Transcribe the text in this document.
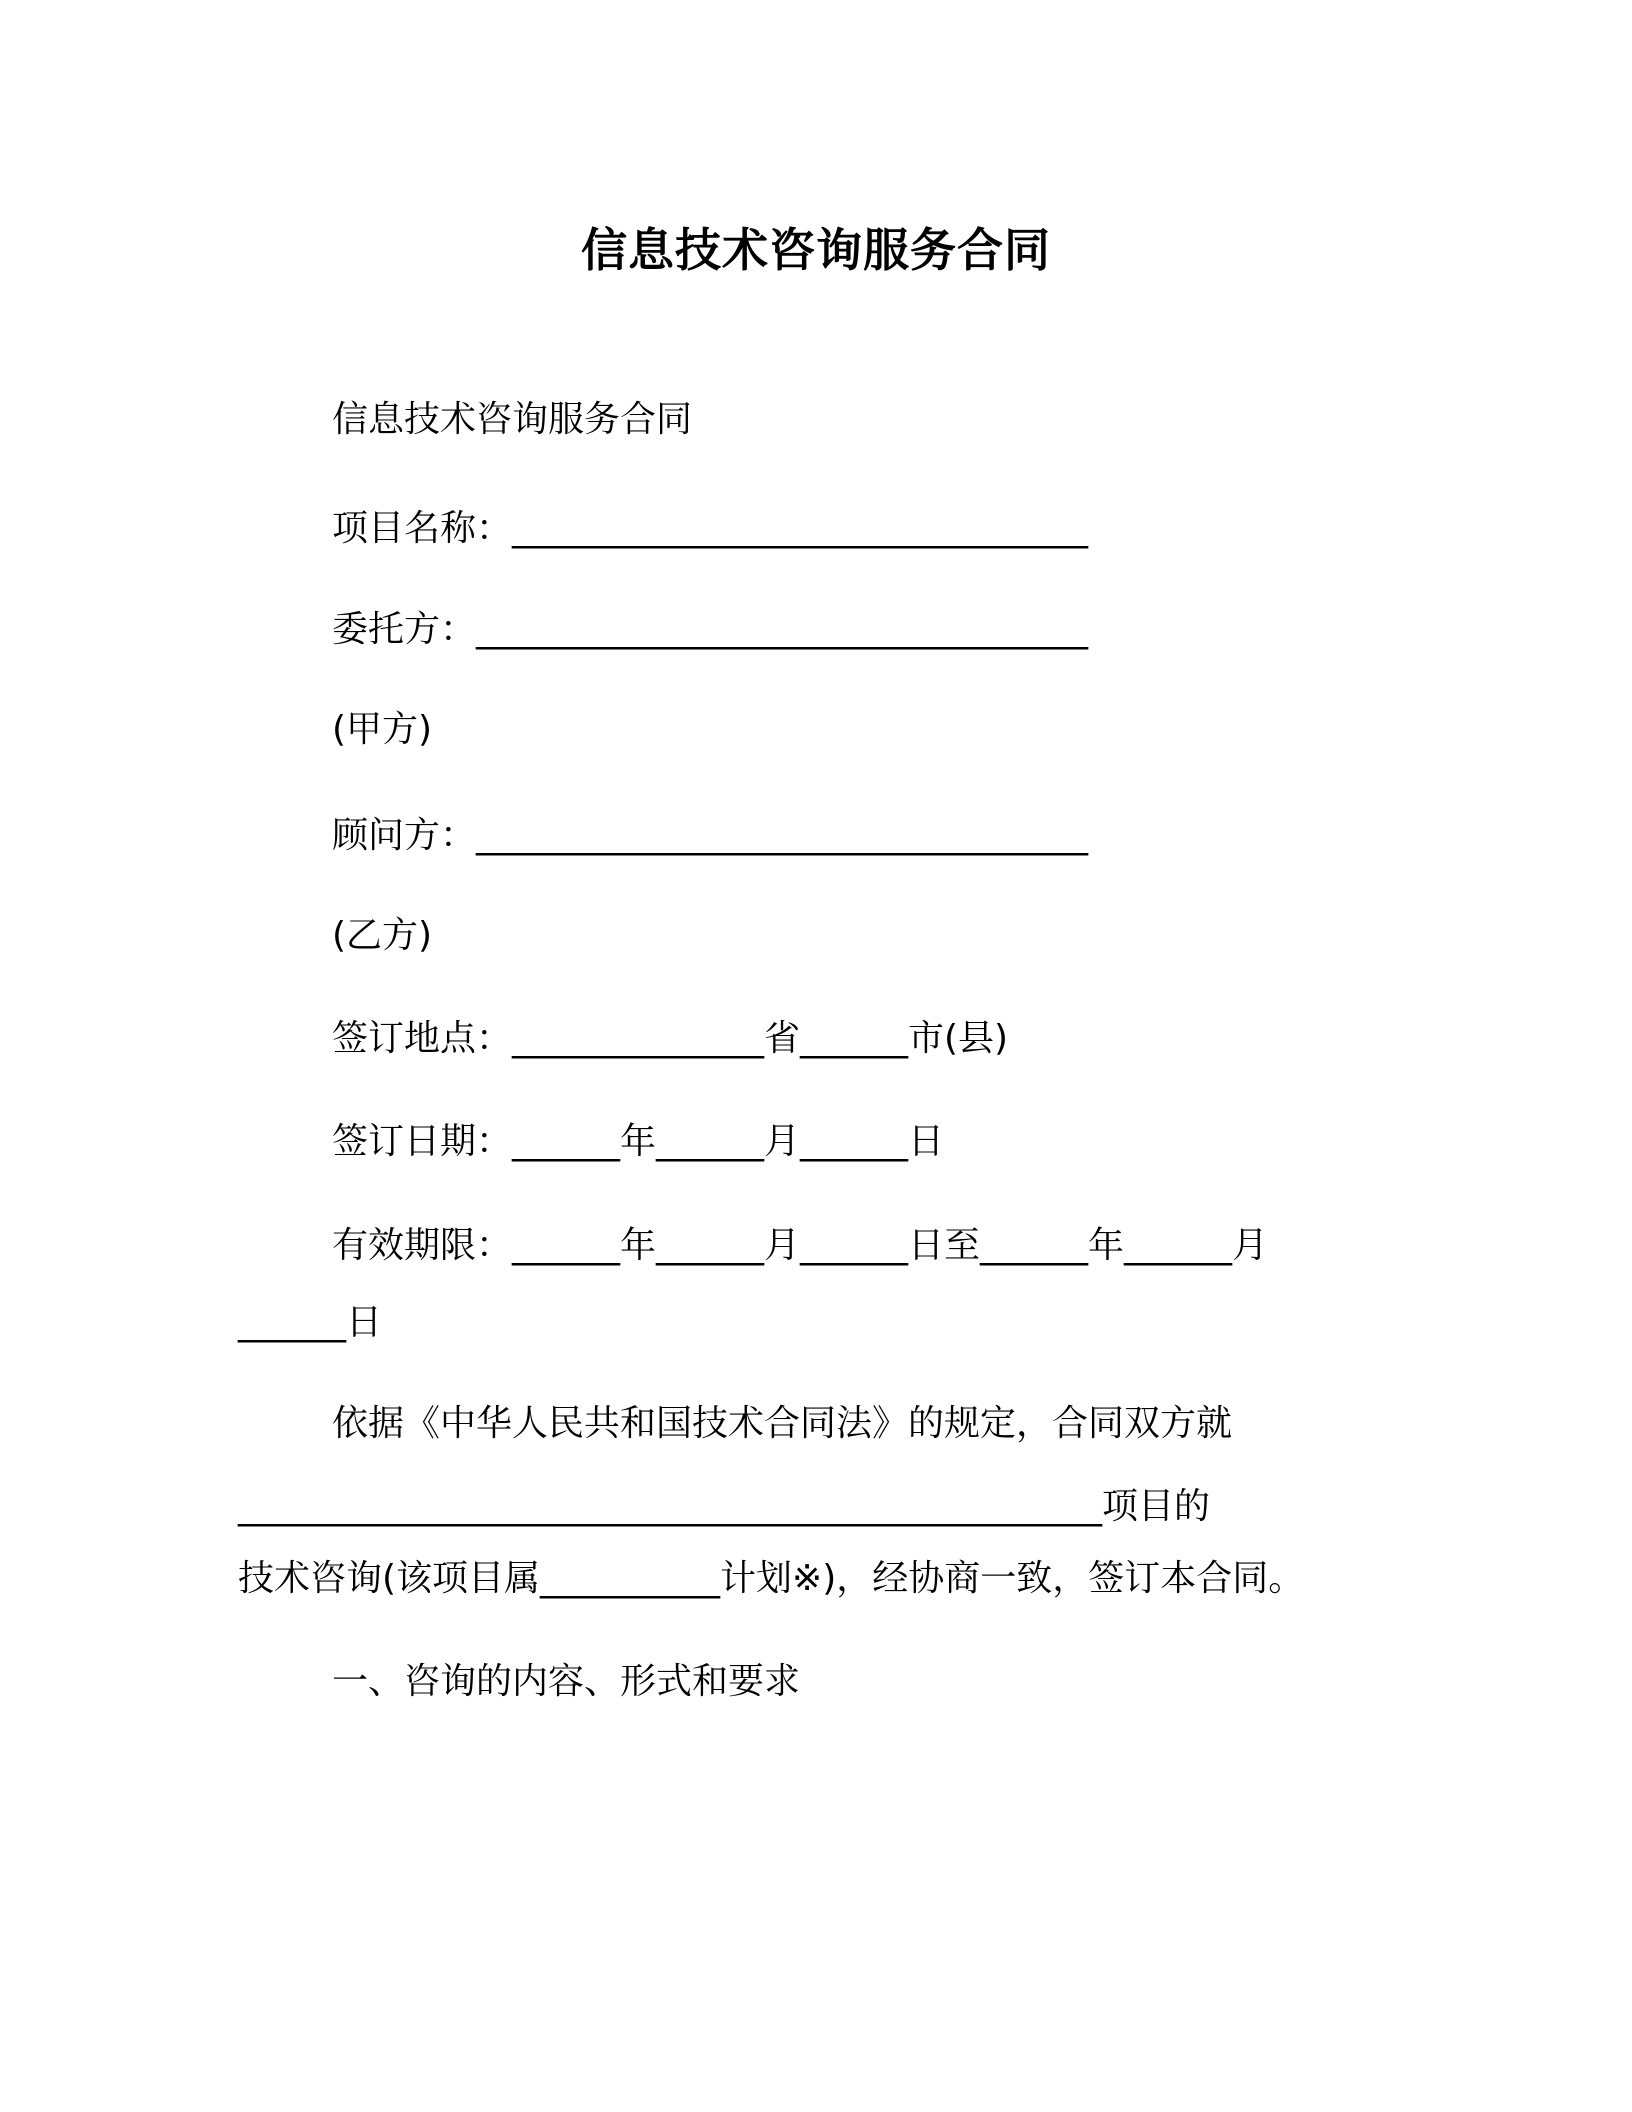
信息技术咨询服务合同

信息技术咨询服务合同

项目名称：________________________________

委托方：__________________________________

(甲方)

顾问方：__________________________________

(乙方)

签订地点：______________省______市(县)

签订日期：______年______月______日

有效期限：______年______月______日至______年______月

______日

依据《中华人民共和国技术合同法》的规定，合同双方就

________________________________________________项目的

技术咨询(该项目属__________计划※)，经协商一致，签订本合同。

一、咨询的内容、形式和要求
